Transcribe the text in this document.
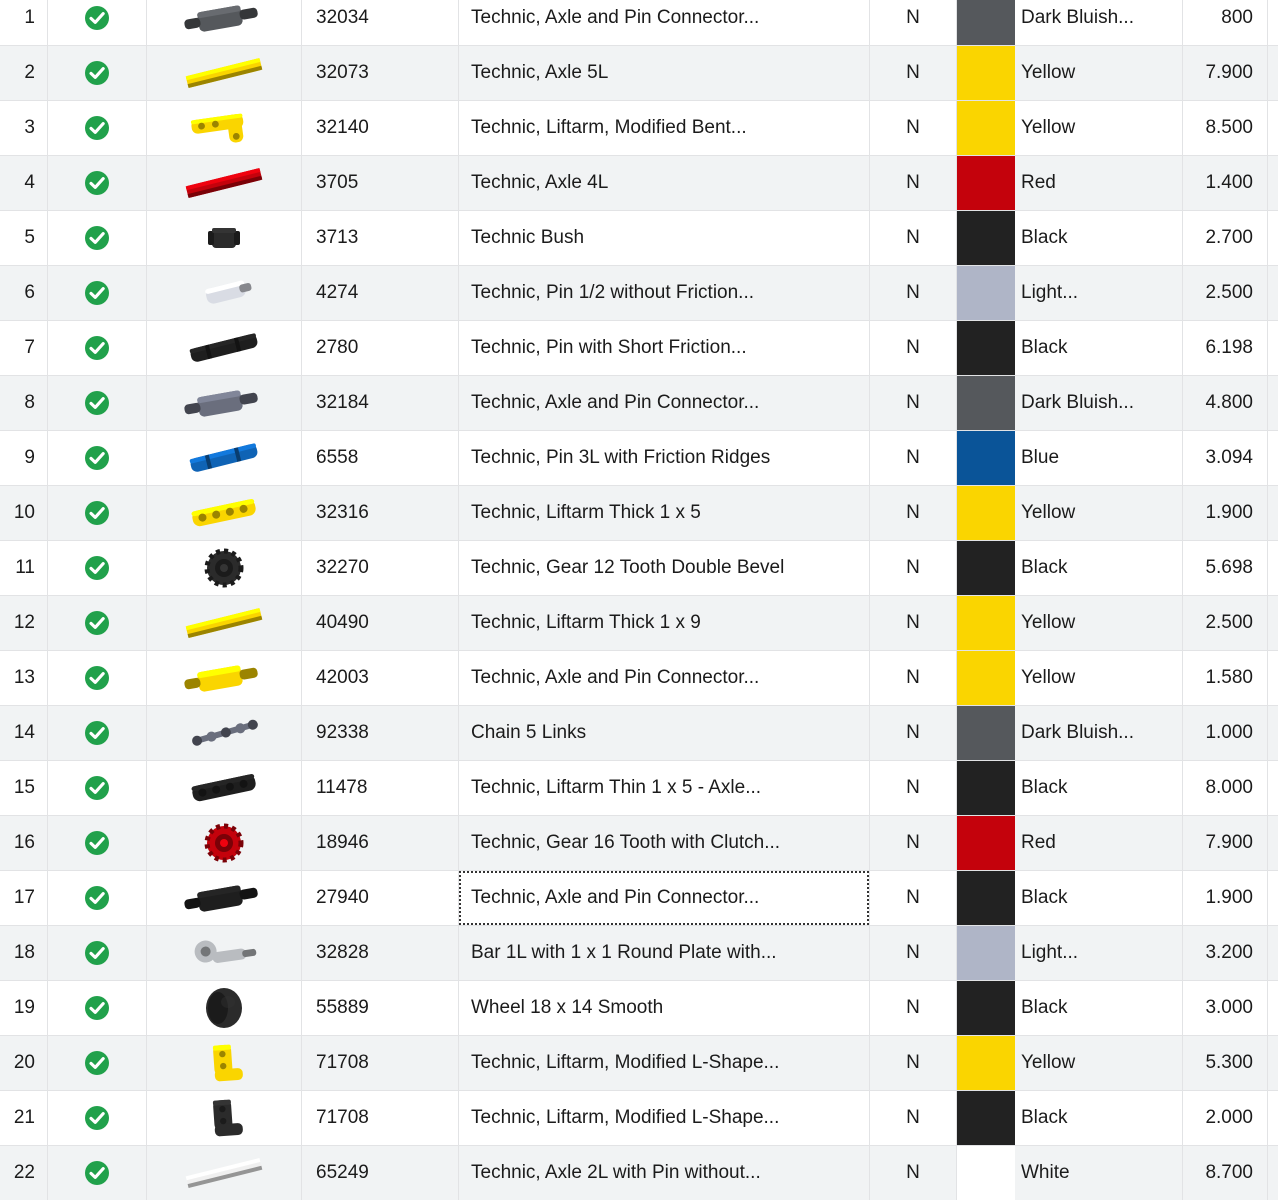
1	32034	Technic, Axle and Pin Connector...	N	Dark Bluish...	800
2	32073	Technic, Axle 5L	N	Yellow	7.900
3	32140	Technic, Liftarm, Modified Bent...	N	Yellow	8.500
4	3705	Technic, Axle 4L	N	Red	1.400
5	3713	Technic Bush	N	Black	2.700
6	4274	Technic, Pin 1/2 without Friction...	N	Light...	2.500
7	2780	Technic, Pin with Short Friction...	N	Black	6.198
8	32184	Technic, Axle and Pin Connector...	N	Dark Bluish...	4.800
9	6558	Technic, Pin 3L with Friction Ridges	N	Blue	3.094
10	32316	Technic, Liftarm Thick 1 x 5	N	Yellow	1.900
11	32270	Technic, Gear 12 Tooth Double Bevel	N	Black	5.698
12	40490	Technic, Liftarm Thick 1 x 9	N	Yellow	2.500
13	42003	Technic, Axle and Pin Connector...	N	Yellow	1.580
14	92338	Chain 5 Links	N	Dark Bluish...	1.000
15	11478	Technic, Liftarm Thin 1 x 5 - Axle...	N	Black	8.000
16	18946	Technic, Gear 16 Tooth with Clutch...	N	Red	7.900
17	27940	Technic, Axle and Pin Connector...	N	Black	1.900
18	32828	Bar 1L with 1 x 1 Round Plate with...	N	Light...	3.200
19	55889	Wheel 18 x 14 Smooth	N	Black	3.000
20	71708	Technic, Liftarm, Modified L-Shape...	N	Yellow	5.300
21	71708	Technic, Liftarm, Modified L-Shape...	N	Black	2.000
22	65249	Technic, Axle 2L with Pin without...	N	White	8.700
